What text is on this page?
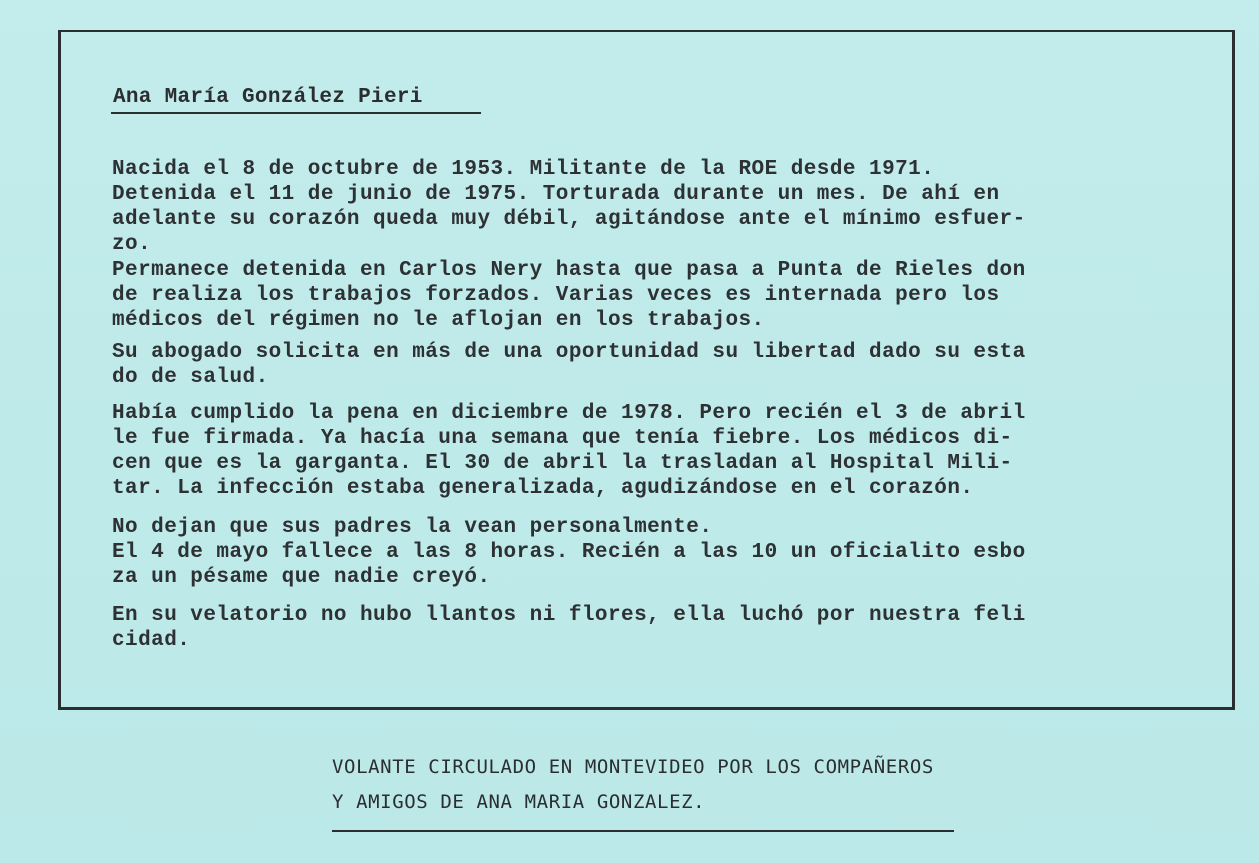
Ana María González Pieri
Nacida el 8 de octubre de 1953. Militante de la ROE desde 1971.
Detenida el 11 de junio de 1975. Torturada durante un mes. De ahí en
adelante su corazón queda muy débil, agitándose ante el mínimo esfuer-
zo.
Permanece detenida en Carlos Nery hasta que pasa a Punta de Rieles don
de realiza los trabajos forzados. Varias veces es internada pero los
médicos del régimen no le aflojan en los trabajos.
Su abogado solicita en más de una oportunidad su libertad dado su esta
do de salud.
Había cumplido la pena en diciembre de 1978. Pero recién el 3 de abril
le fue firmada. Ya hacía una semana que tenía fiebre. Los médicos di-
cen que es la garganta. El 30 de abril la trasladan al Hospital Mili-
tar. La infección estaba generalizada, agudizándose en el corazón.
No dejan que sus padres la vean personalmente.
El 4 de mayo fallece a las 8 horas. Recién a las 10 un oficialito esbo
za un pésame que nadie creyó.
En su velatorio no hubo llantos ni flores, ella luchó por nuestra feli
cidad.
VOLANTE CIRCULADO EN MONTEVIDEO POR LOS COMPAÑEROS
Y AMIGOS DE ANA MARIA GONZALEZ.
